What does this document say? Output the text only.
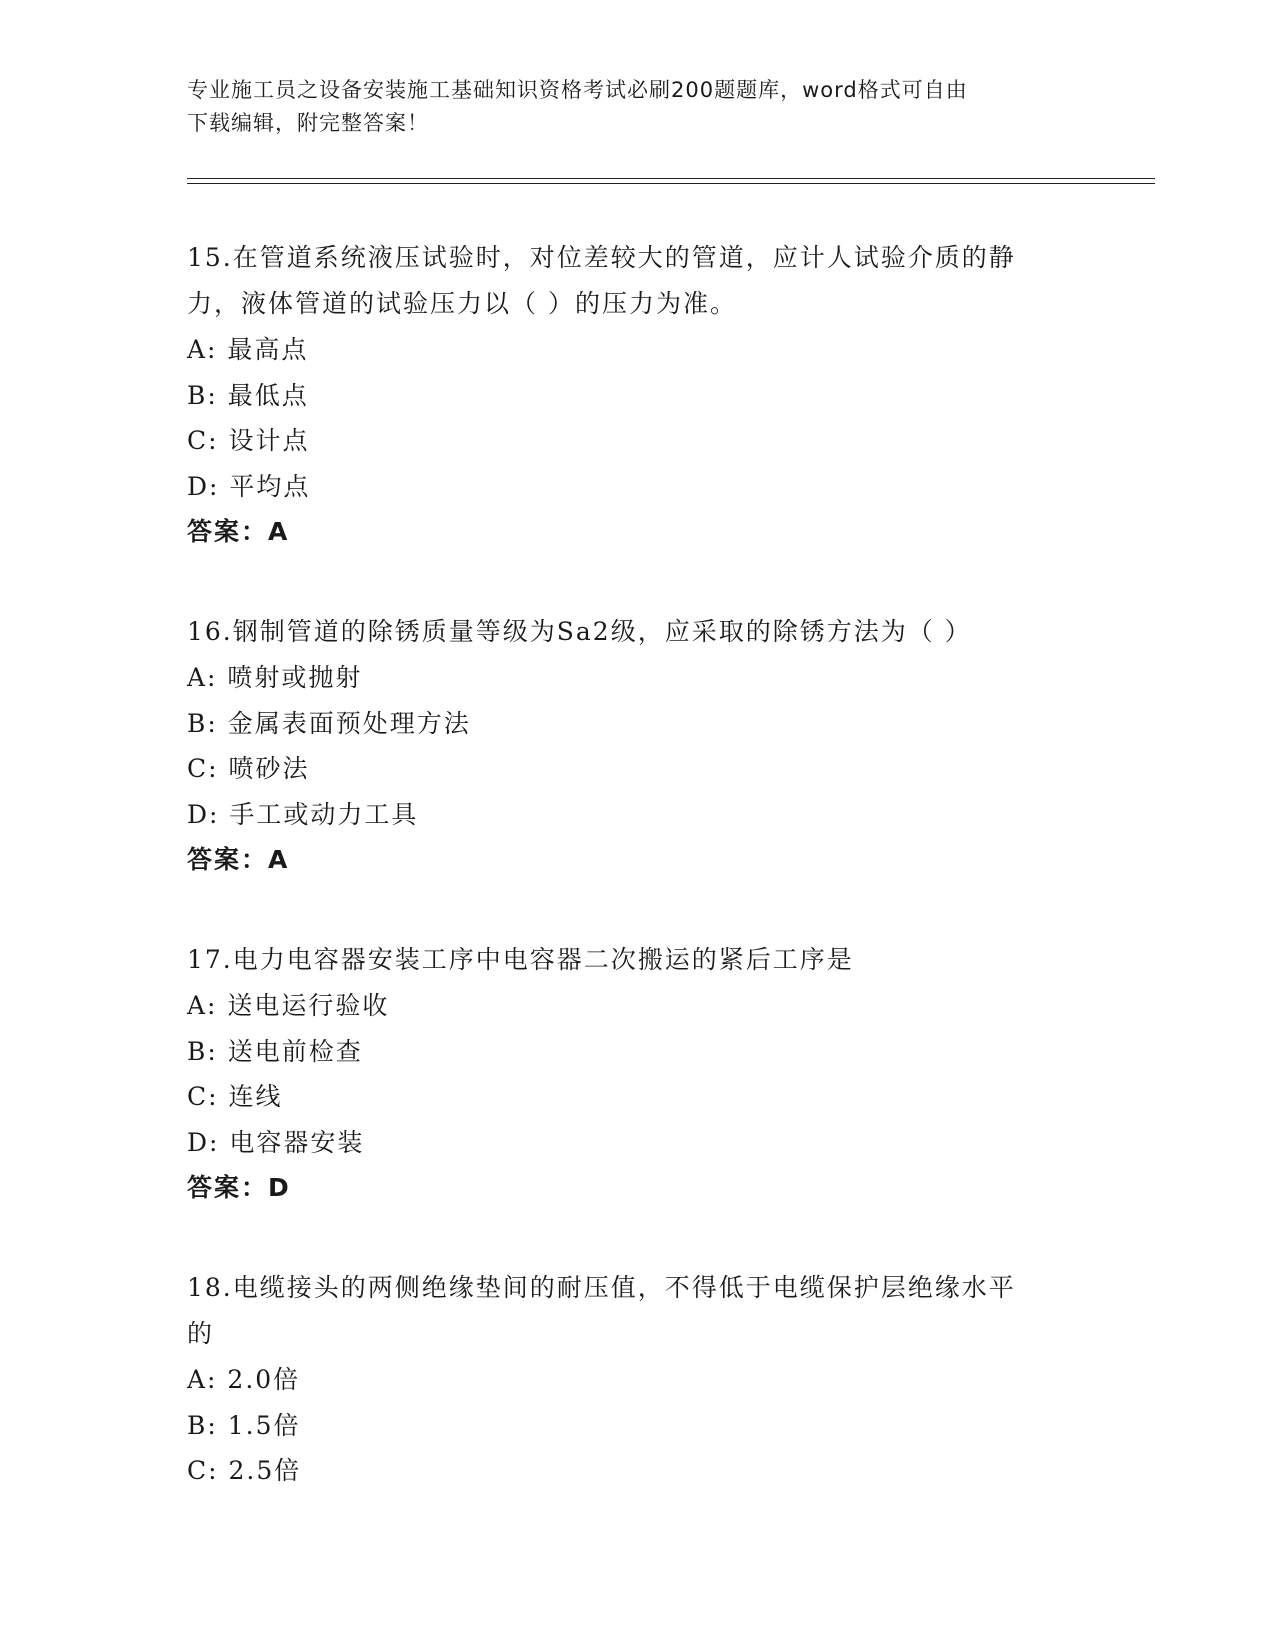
专业施工员之设备安装施工基础知识资格考试必刷200题题库，word格式可自由
下载编辑，附完整答案！
15.在管道系统液压试验时，对位差较大的管道，应计人试验介质的静
力，液体管道的试验压力以（ ）的压力为准。
A: 最高点
B: 最低点
C: 设计点
D: 平均点
答案：A
16.钢制管道的除锈质量等级为Sa2级，应采取的除锈方法为（ ）
A: 喷射或抛射
B: 金属表面预处理方法
C: 喷砂法
D: 手工或动力工具
答案：A
17.电力电容器安装工序中电容器二次搬运的紧后工序是
A: 送电运行验收
B: 送电前检查
C: 连线
D: 电容器安装
答案：D
18.电缆接头的两侧绝缘垫间的耐压值，不得低于电缆保护层绝缘水平
的
A: 2.0倍
B: 1.5倍
C: 2.5倍
